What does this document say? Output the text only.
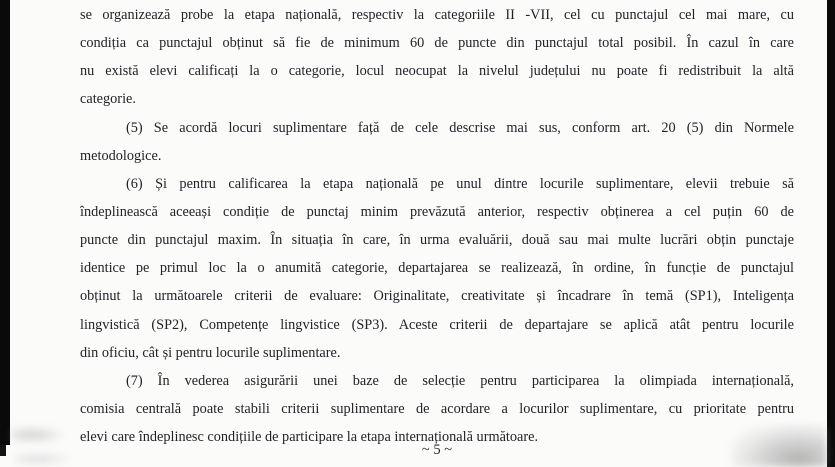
se organizează probe la etapa națională, respectiv la categoriile II -VII, cel cu punctajul cel mai mare, cu
condiția ca punctajul obținut să fie de minimum 60 de puncte din punctajul total posibil. În cazul în care
nu există elevi calificați la o categorie, locul neocupat la nivelul județului nu poate fi redistribuit la altă
categorie.
(5) Se acordă locuri suplimentare față de cele descrise mai sus, conform art. 20 (5) din Normele
metodologice.
(6) Și pentru calificarea la etapa națională pe unul dintre locurile suplimentare, elevii trebuie să
îndeplinească aceeași condiție de punctaj minim prevăzută anterior, respectiv obținerea a cel puțin 60 de
puncte din punctajul maxim. În situația în care, în urma evaluării, două sau mai multe lucrări obțin punctaje
identice pe primul loc la o anumită categorie, departajarea se realizează, în ordine, în funcție de punctajul
obținut la următoarele criterii de evaluare: Originalitate, creativitate și încadrare în temă (SP1), Inteligența
lingvistică (SP2), Competențe lingvistice (SP3). Aceste criterii de departajare se aplică atât pentru locurile
din oficiu, cât și pentru locurile suplimentare.
(7) În vederea asigurării unei baze de selecție pentru participarea la olimpiada internațională,
comisia centrală poate stabili criterii suplimentare de acordare a locurilor suplimentare, cu prioritate pentru
elevi care îndeplinesc condițiile de participare la etapa internațională următoare.
~ 5 ~
